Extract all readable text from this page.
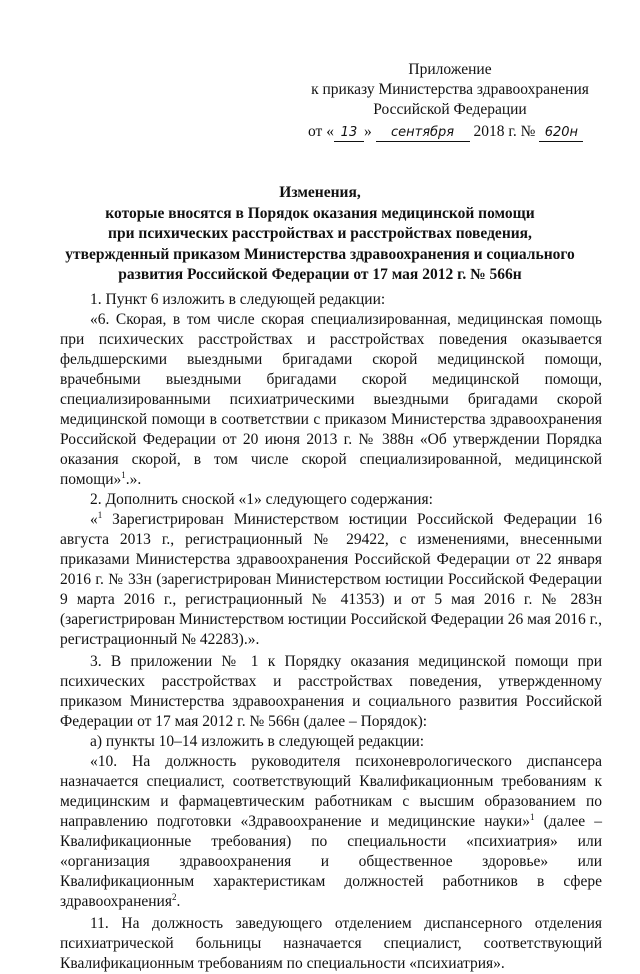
Приложение
к приказу Министерства здравоохранения
Российской Федерации
от « 13 » сентября 2018 г. № 620н
Изменения,
которые вносятся в Порядок оказания медицинской помощи
при психических расстройствах и расстройствах поведения,
утвержденный приказом Министерства здравоохранения и социального
развития Российской Федерации от 17 мая 2012 г. № 566н

1. Пункт 6 изложить в следующей редакции:

«6. Скорая, в том числе скорая специализированная, медицинская помощь при психических расстройствах и расстройствах поведения оказывается фельдшерскими выездными бригадами скорой медицинской помощи, врачебными выездными бригадами скорой медицинской помощи, специализированными психиатрическими выездными бригадами скорой медицинской помощи в соответствии с приказом Министерства здравоохранения Российской Федерации от 20 июня 2013 г. № 388н «Об утверждении Порядка оказания скорой, в том числе скорой специализированной, медицинской помощи»$^1$.».

2. Дополнить сноской «1» следующего содержания:

«$^1$ Зарегистрирован Министерством юстиции Российской Федерации 16 августа 2013 г., регистрационный № 29422, с изменениями, внесенными приказами Министерства здравоохранения Российской Федерации от 22 января 2016 г. № 33н (зарегистрирован Министерством юстиции Российской Федерации 9 марта 2016 г., регистрационный № 41353) и от 5 мая 2016 г. № 283н (зарегистрирован Министерством юстиции Российской Федерации 26 мая 2016 г., регистрационный № 42283).».

3. В приложении № 1 к Порядку оказания медицинской помощи при психических расстройствах и расстройствах поведения, утвержденному приказом Министерства здравоохранения и социального развития Российской Федерации от 17 мая 2012 г. № 566н (далее – Порядок):

а) пункты 10–14 изложить в следующей редакции:

«10. На должность руководителя психоневрологического диспансера назначается специалист, соответствующий Квалификационным требованиям к медицинским и фармацевтическим работникам с высшим образованием по направлению подготовки «Здравоохранение и медицинские науки»$^1$ (далее – Квалификационные требования) по специальности «психиатрия» или «организация здравоохранения и общественное здоровье» или Квалификационным характеристикам должностей работников в сфере здравоохранения$^2$.

11. На должность заведующего отделением диспансерного отделения психиатрической больницы назначается специалист, соответствующий Квалификационным требованиям по специальности «психиатрия».
